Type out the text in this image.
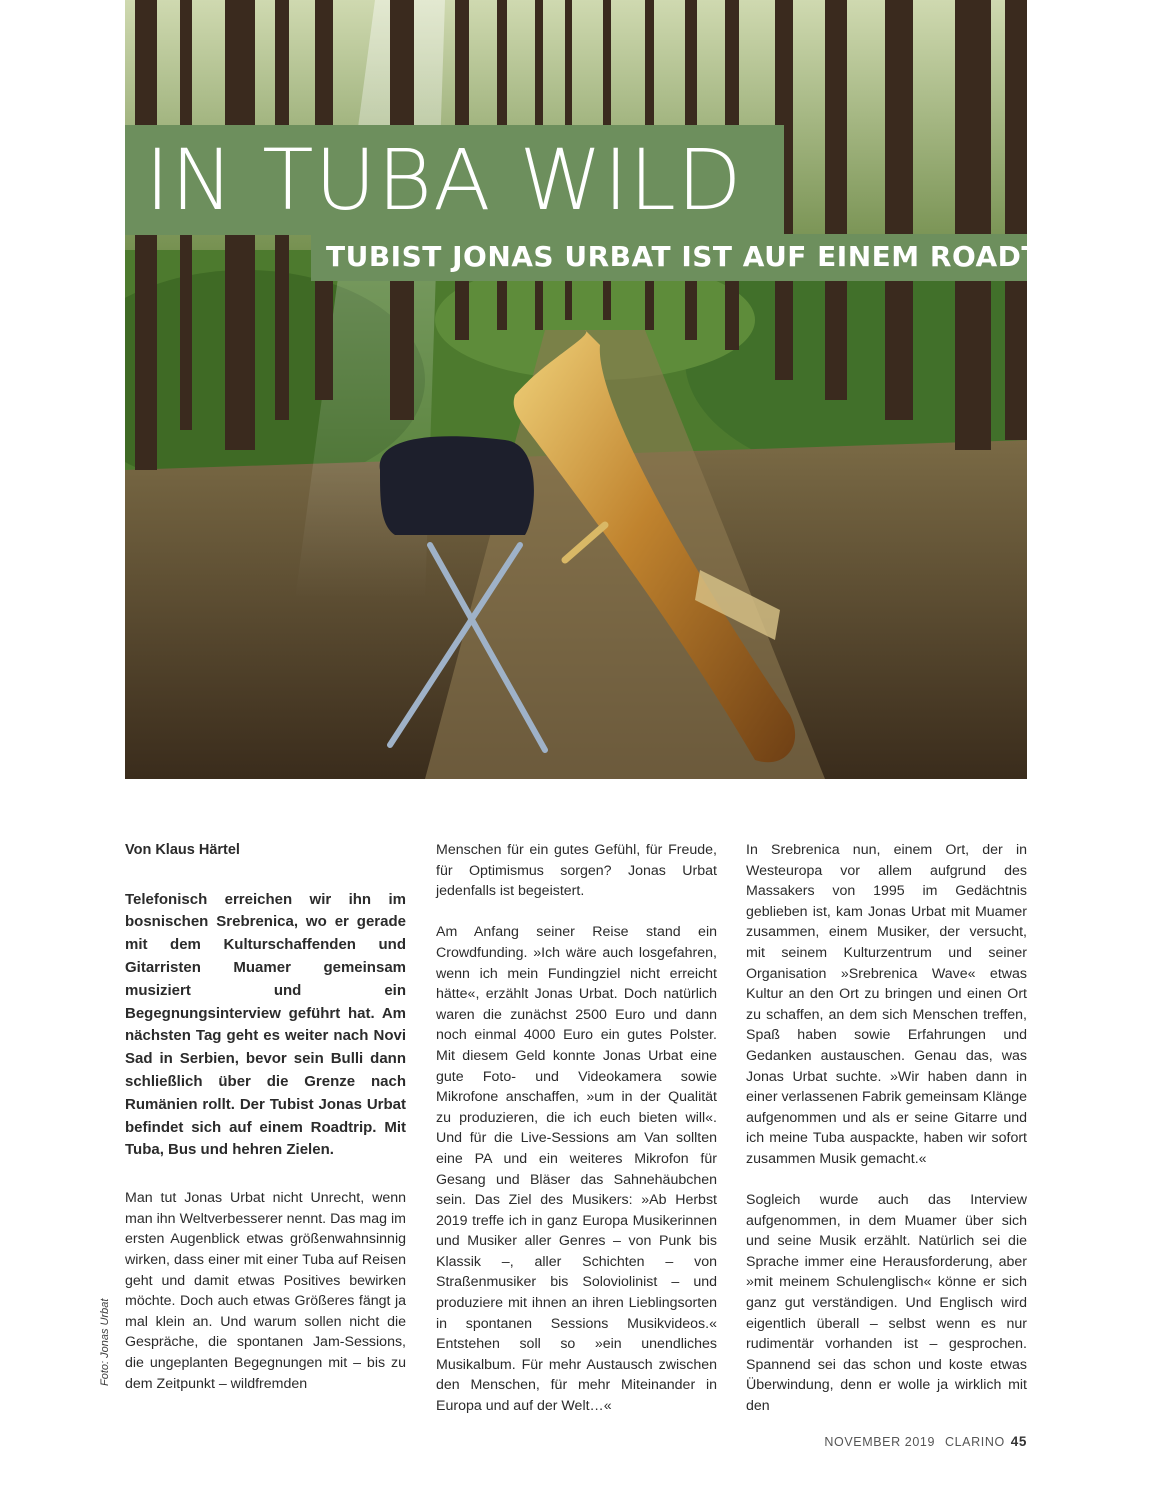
IN TUBA WILD
TUBIST JONAS URBAT IST AUF EINEM ROADTRIP
Von Klaus Härtel

Telefonisch erreichen wir ihn im bosnischen Srebrenica, wo er gerade mit dem Kulturschaffenden und Gitarristen Muamer gemeinsam musiziert und ein Begegnungsinterview geführt hat. Am nächsten Tag geht es weiter nach Novi Sad in Serbien, bevor sein Bulli dann schließlich über die Grenze nach Rumänien rollt. Der Tubist Jonas Urbat befindet sich auf einem Roadtrip. Mit Tuba, Bus und hehren Zielen.

Man tut Jonas Urbat nicht Unrecht, wenn man ihn Weltverbesserer nennt. Das mag im ersten Augenblick etwas größenwahnsinnig wirken, dass einer mit einer Tuba auf Reisen geht und damit etwas Positives bewirken möchte. Doch auch etwas Größeres fängt ja mal klein an. Und warum sollen nicht die Gespräche, die spontanen Jam-Sessions, die ungeplanten Begegnungen mit – bis zu dem Zeitpunkt – wildfremden

Menschen für ein gutes Gefühl, für Freude, für Optimismus sorgen? Jonas Urbat jedenfalls ist begeistert.

Am Anfang seiner Reise stand ein Crowdfunding. »Ich wäre auch losgefahren, wenn ich mein Fundingziel nicht erreicht hätte«, erzählt Jonas Urbat. Doch natürlich waren die zunächst 2500 Euro und dann noch einmal 4000 Euro ein gutes Polster. Mit diesem Geld konnte Jonas Urbat eine gute Foto- und Videokamera sowie Mikrofone anschaffen, »um in der Qualität zu produzieren, die ich euch bieten will«. Und für die Live-Sessions am Van sollten eine PA und ein weiteres Mikrofon für Gesang und Bläser das Sahnehäubchen sein. Das Ziel des Musikers: »Ab Herbst 2019 treffe ich in ganz Europa Musikerinnen und Musiker aller Genres – von Punk bis Klassik –, aller Schichten – von Straßenmusiker bis Soloviolinist – und produziere mit ihnen an ihren Lieblingsorten in spontanen Sessions Musikvideos.« Entstehen soll so »ein unendliches Musikalbum. Für mehr Austausch zwischen den Menschen, für mehr Miteinander in Europa und auf der Welt…«

In Srebrenica nun, einem Ort, der in Westeuropa vor allem aufgrund des Massakers von 1995 im Gedächtnis geblieben ist, kam Jonas Urbat mit Muamer zusammen, einem Musiker, der versucht, mit seinem Kulturzentrum und seiner Organisation »Srebrenica Wave« etwas Kultur an den Ort zu bringen und einen Ort zu schaffen, an dem sich Menschen treffen, Spaß haben sowie Erfahrungen und Gedanken austauschen. Genau das, was Jonas Urbat suchte. »Wir haben dann in einer verlassenen Fabrik gemeinsam Klänge aufgenommen und als er seine Gitarre und ich meine Tuba auspackte, haben wir sofort zusammen Musik gemacht.«

Sogleich wurde auch das Interview aufgenommen, in dem Muamer über sich und seine Musik erzählt. Natürlich sei die Sprache immer eine Herausforderung, aber »mit meinem Schulenglisch« könne er sich ganz gut verständigen. Und Englisch wird eigentlich überall – selbst wenn es nur rudimentär vorhanden ist – gesprochen. Spannend sei das schon und koste etwas Überwindung, denn er wolle ja wirklich mit den

Foto: Jonas Urbat
NOVEMBER 2019 CLARINO 45
